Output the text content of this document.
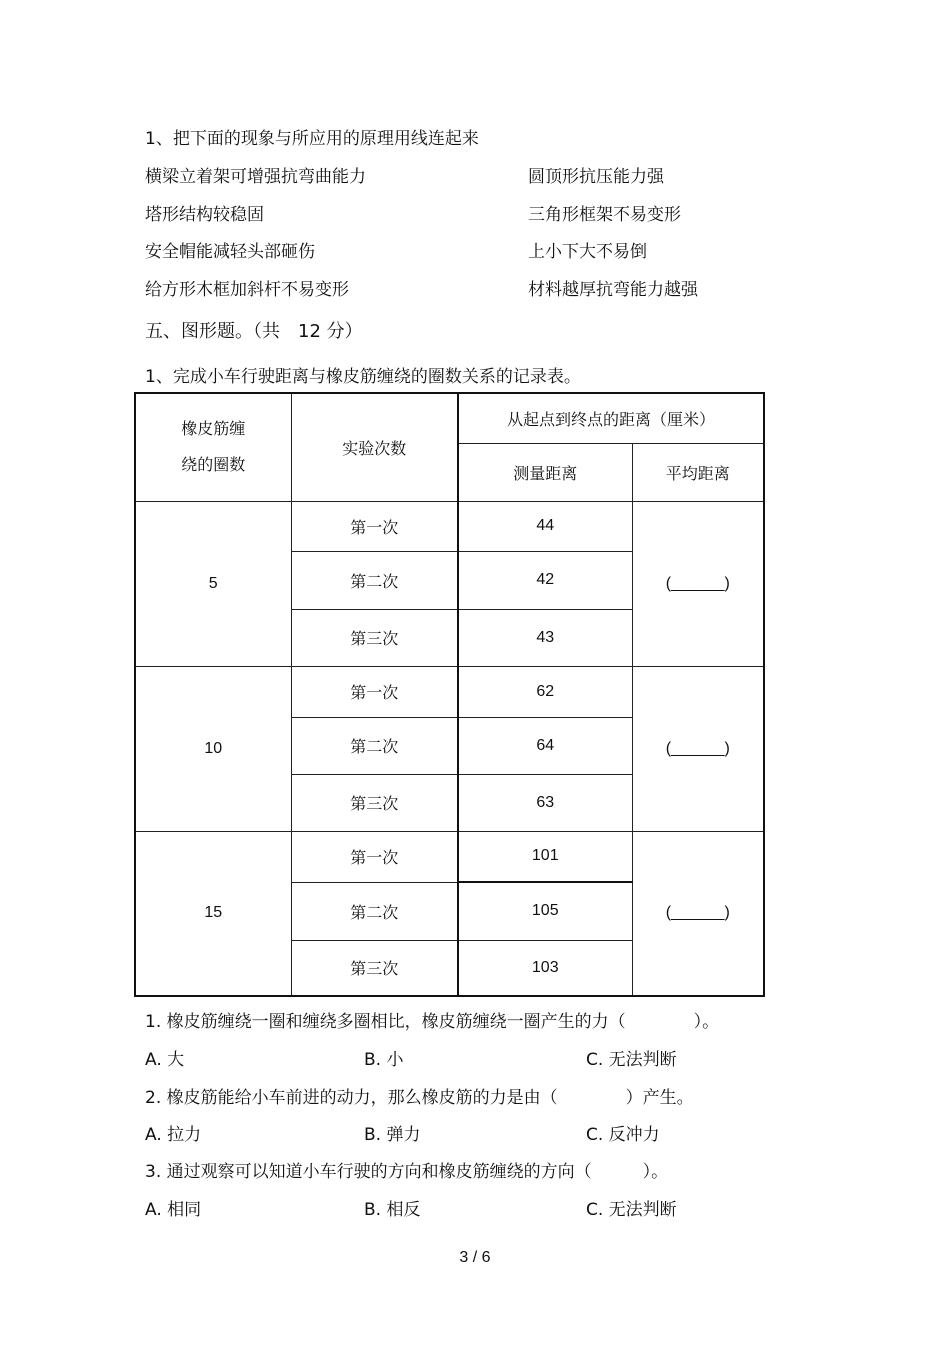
1、把下面的现象与所应用的原理用线连起来
横梁立着架可增强抗弯曲能力	圆顶形抗压能力强
塔形结构较稳固	三角形框架不易变形
安全帽能减轻头部砸伤	上小下大不易倒
给方形木框加斜杆不易变形	材料越厚抗弯能力越强
五、图形题。（共　12 分）
1、完成小车行驶距离与橡皮筋缠绕的圈数关系的记录表。
橡皮筋缠
绕的圈数	实验次数	从起点到终点的距离（厘米）	
		测量距离	平均距离
5	第一次	44	(______)
	第二次	42	
	第三次	43	
10	第一次	62	(______)
	第二次	64	
	第三次	63	
15	第一次	101	(______)
	第二次	105	
	第三次	103	
1. 橡皮筋缠绕一圈和缠绕多圈相比，橡皮筋缠绕一圈产生的力（　　　　）。
A. 大	B. 小	C. 无法判断
2. 橡皮筋能给小车前进的动力，那么橡皮筋的力是由（　　　　）产生。
A. 拉力	B. 弹力	C. 反冲力
3. 通过观察可以知道小车行驶的方向和橡皮筋缠绕的方向（　　　）。
A. 相同	B. 相反	C. 无法判断
3 / 6
